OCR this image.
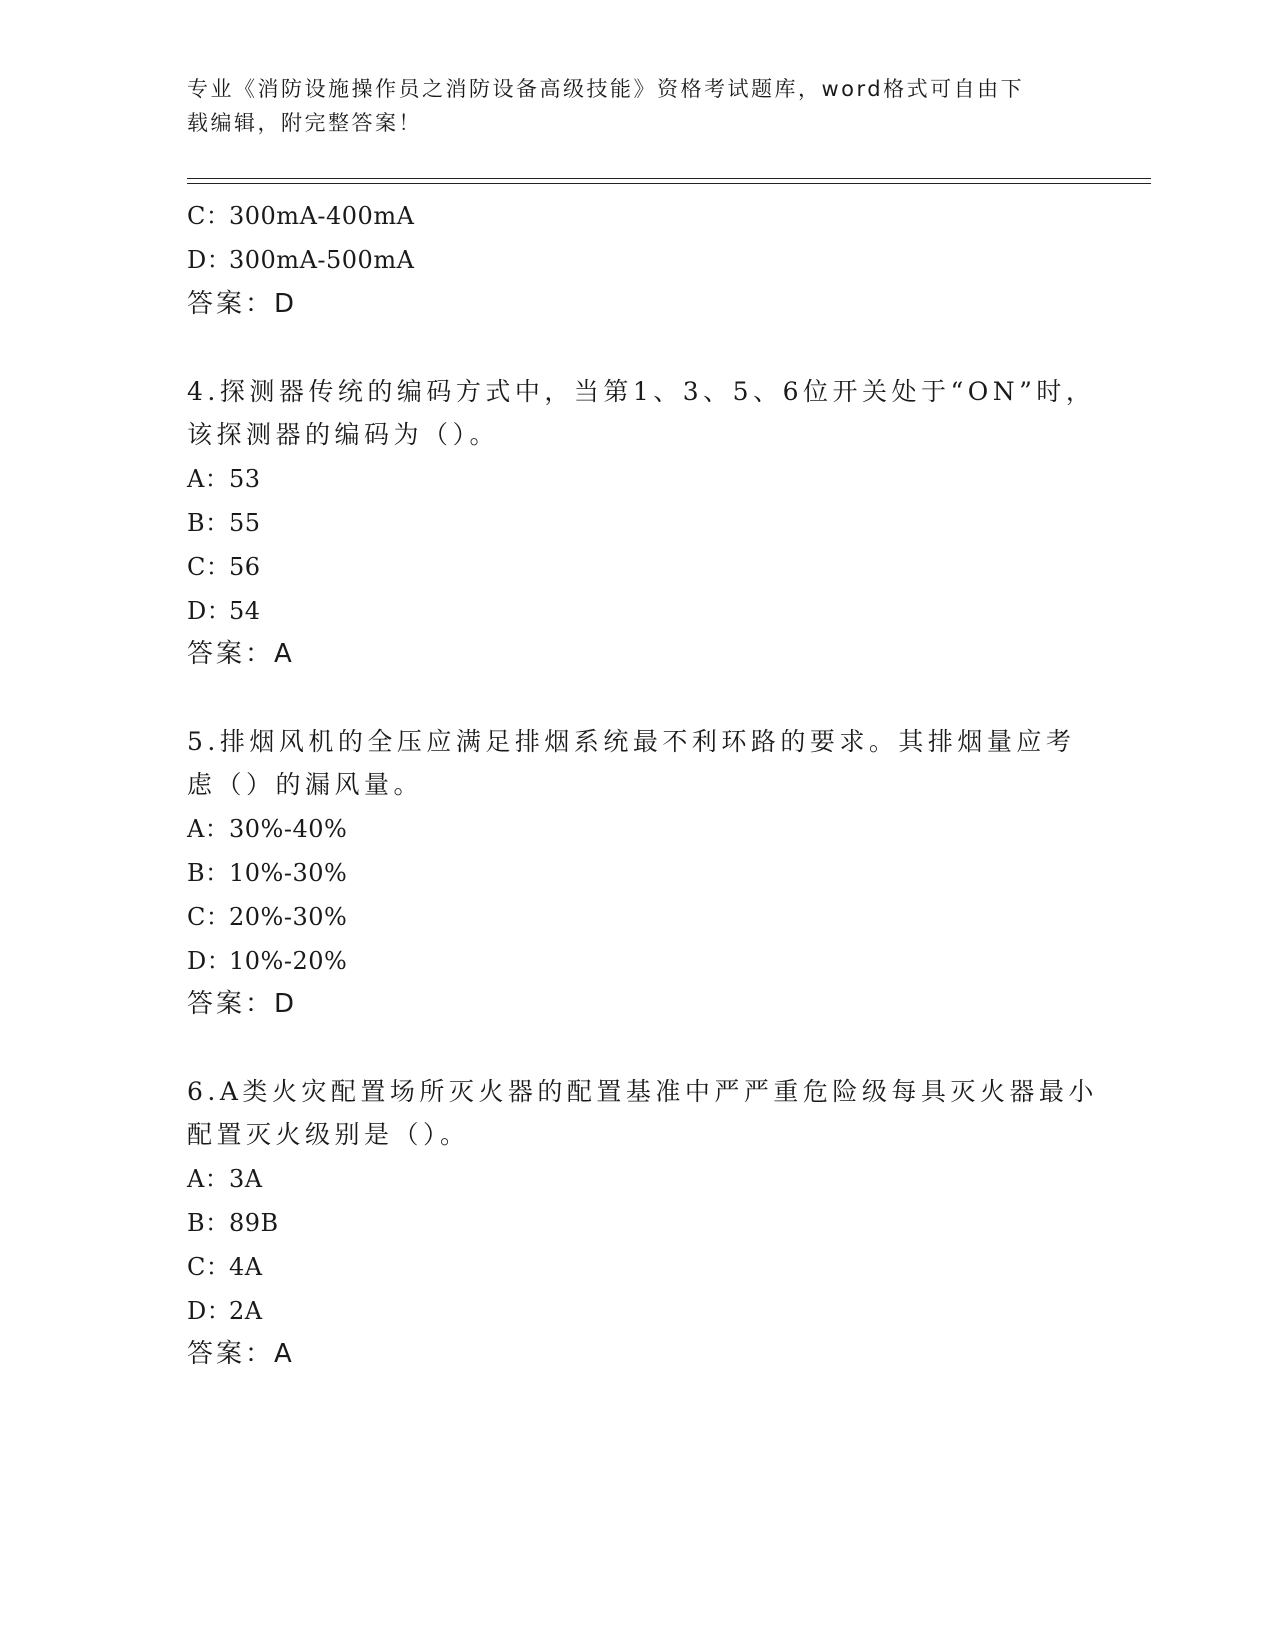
专业《消防设施操作员之消防设备高级技能》资格考试题库，word格式可自由下
载编辑，附完整答案！
C：300mA-400mA
D：300mA-500mA
答案：D
4.探测器传统的编码方式中，当第1、3、5、6位开关处于“ON”时，
该探测器的编码为（）。
A：53
B：55
C：56
D：54
答案：A
5.排烟风机的全压应满足排烟系统最不利环路的要求。其排烟量应考
虑（）的漏风量。
A：30%-40%
B：10%-30%
C：20%-30%
D：10%-20%
答案：D
6.A类火灾配置场所灭火器的配置基准中严严重危险级每具灭火器最小
配置灭火级别是（）。
A：3A
B：89B
C：4A
D：2A
答案：A
